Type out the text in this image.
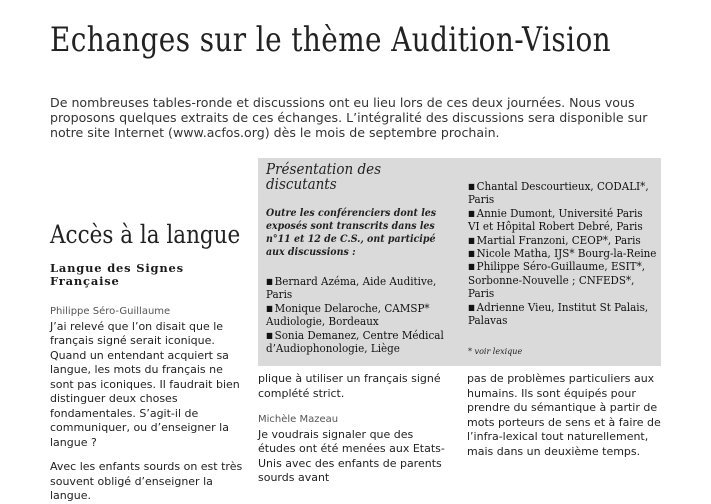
Echanges sur le thème Audition-Vision
De nombreuses tables-ronde et discussions ont eu lieu lors de ces deux journées. Nous vous proposons quelques extraits de ces échanges. L’intégralité des discussions sera disponible sur notre site Internet (www.acfos.org) dès le mois de septembre prochain.
Présentation des discutants
Outre les conférenciers dont les exposés sont transcrits dans les n°11 et 12 de C.S., ont participé aux discussions :
■ Bernard Azéma, Aide Auditive, Paris
■ Monique Delaroche, CAMSP* Audiologie, Bordeaux
■ Sonia Demanez, Centre Médical d’Audiophonologie, Liège
■ Chantal Descourtieux, CODALI*, Paris
■ Annie Dumont, Université Paris VI et Hôpital Robert Debré, Paris
■ Martial Franzoni, CEOP*, Paris
■ Nicole Matha, IJS* Bourg-la-Reine
■ Philippe Séro-Guillaume, ESIT*, Sorbonne-Nouvelle ; CNFEDS*, Paris
■ Adrienne Vieu, Institut St Palais, Palavas
* voir lexique
Accès à la langue
Langue des Signes Française

Philippe Séro-Guillaume

J’ai relevé que l’on disait que le français signé serait iconique.

Quand un entendant acquiert sa langue, les mots du français ne sont pas iconiques. Il faudrait bien distinguer deux choses fondamentales. S’agit-il de communiquer, ou d’enseigner la langue ?

Avec les enfants sourds on est très souvent obligé d’enseigner la langue.

plique à utiliser un français signé complété strict.

Michèle Mazeau

Je voudrais signaler que des études ont été menées aux Etats-Unis avec des enfants de parents sourds avant

pas de problèmes particuliers aux humains. Ils sont équipés pour prendre du sémantique à partir de mots porteurs de sens et à faire de l’infra-lexical tout naturellement, mais dans un deuxième temps.
